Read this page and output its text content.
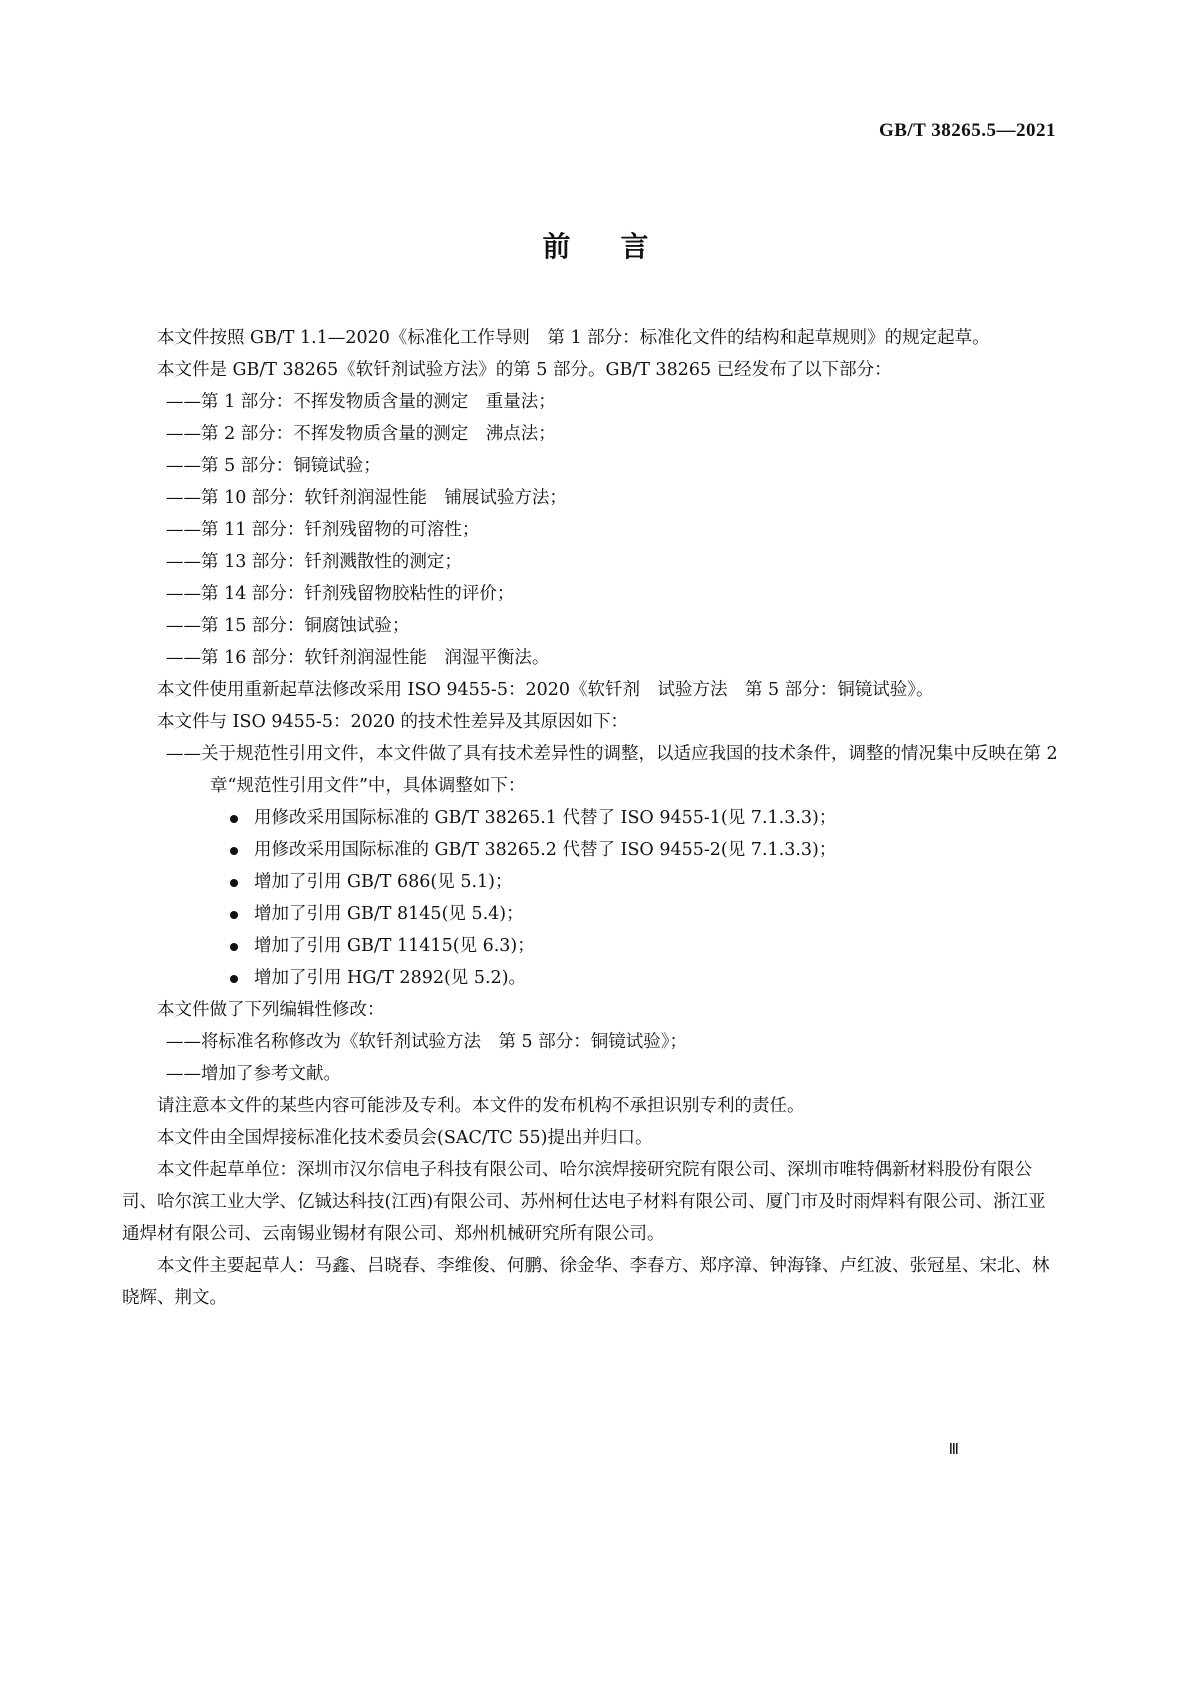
GB/T 38265.5—2021
前言

本文件按照 GB/T 1.1—2020《标准化工作导则　第 1 部分：标准化文件的结构和起草规则》的规定起草。

本文件是 GB/T 38265《软钎剂试验方法》的第 5 部分。GB/T 38265 已经发布了以下部分：

——第 1 部分：不挥发物质含量的测定　重量法；

——第 2 部分：不挥发物质含量的测定　沸点法；

——第 5 部分：铜镜试验；

——第 10 部分：软钎剂润湿性能　铺展试验方法；

——第 11 部分：钎剂残留物的可溶性；

——第 13 部分：钎剂溅散性的测定；

——第 14 部分：钎剂残留物胶粘性的评价；

——第 15 部分：铜腐蚀试验；

——第 16 部分：软钎剂润湿性能　润湿平衡法。

本文件使用重新起草法修改采用 ISO 9455-5：2020《软钎剂　试验方法　第 5 部分：铜镜试验》。

本文件与 ISO 9455-5：2020 的技术性差异及其原因如下：

——关于规范性引用文件，本文件做了具有技术差异性的调整，以适应我国的技术条件，调整的情况集中反映在第 2 章“规范性引用文件”中，具体调整如下：

用修改采用国际标准的 GB/T 38265.1 代替了 ISO 9455-1(见 7.1.3.3)；

用修改采用国际标准的 GB/T 38265.2 代替了 ISO 9455-2(见 7.1.3.3)；

增加了引用 GB/T 686(见 5.1)；

增加了引用 GB/T 8145(见 5.4)；

增加了引用 GB/T 11415(见 6.3)；

增加了引用 HG/T 2892(见 5.2)。

本文件做了下列编辑性修改：

——将标准名称修改为《软钎剂试验方法　第 5 部分：铜镜试验》；

——增加了参考文献。

请注意本文件的某些内容可能涉及专利。本文件的发布机构不承担识别专利的责任。

本文件由全国焊接标准化技术委员会(SAC/TC 55)提出并归口。

本文件起草单位：深圳市汉尔信电子科技有限公司、哈尔滨焊接研究院有限公司、深圳市唯特偶新材料股份有限公司、哈尔滨工业大学、亿铖达科技(江西)有限公司、苏州柯仕达电子材料有限公司、厦门市及时雨焊料有限公司、浙江亚通焊材有限公司、云南锡业锡材有限公司、郑州机械研究所有限公司。

本文件主要起草人：马鑫、吕晓春、李维俊、何鹏、徐金华、李春方、郑序漳、钟海锋、卢红波、张冠星、宋北、林晓辉、荆文。

Ⅲ
